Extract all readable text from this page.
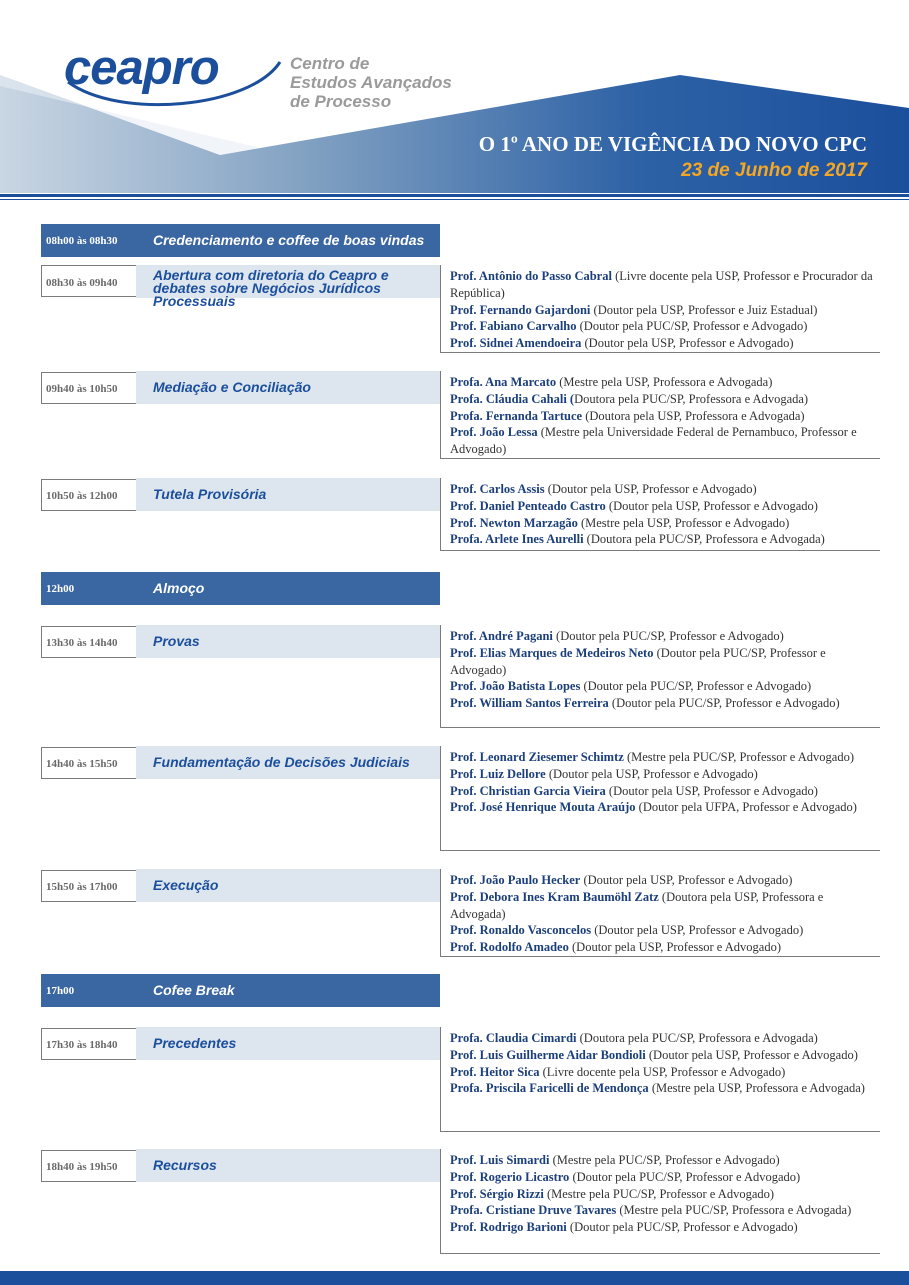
ceapro	Centro de
Estudos Avançados
de Processo
O 1º ANO DE VIGÊNCIA DO NOVO CPC
23 de Junho de 2017
08h00 às 08h30	Credenciamento e coffee de boas vindas
08h30 às 09h40	Abertura com diretoria do Ceapro e debates sobre Negócios Jurídicos Processuais
Prof. Antônio do Passo Cabral (Livre docente pela USP, Professor e Procurador da República)
Prof. Fernando Gajardoni (Doutor pela USP, Professor e Juiz Estadual)
Prof. Fabiano Carvalho (Doutor pela PUC/SP, Professor e Advogado)
Prof. Sidnei Amendoeira (Doutor pela USP, Professor e Advogado)
09h40 às 10h50	Mediação e Conciliação	Profa. Ana Marcato (Mestre pela USP, Professora e Advogada)
Profa. Cláudia Cahali (Doutora pela PUC/SP, Professora e Advogada)
Profa. Fernanda Tartuce (Doutora pela USP, Professora e Advogada)
Prof. João Lessa (Mestre pela Universidade Federal de Pernambuco, Professor e Advogado)
10h50 às 12h00	Tutela Provisória	Prof. Carlos Assis (Doutor pela USP, Professor e Advogado)
Prof. Daniel Penteado Castro (Doutor pela USP, Professor e Advogado)
Prof. Newton Marzagão (Mestre pela USP, Professor e Advogado)
Profa. Arlete Ines Aurelli (Doutora pela PUC/SP, Professora e Advogada)
12h00	Almoço
13h30 às 14h40	Provas	Prof. André Pagani (Doutor pela PUC/SP, Professor e Advogado)
Prof. Elias Marques de Medeiros Neto (Doutor pela PUC/SP, Professor e Advogado)
Prof. João Batista Lopes (Doutor pela PUC/SP, Professor e Advogado)
Prof. William Santos Ferreira (Doutor pela PUC/SP, Professor e Advogado)
14h40 às 15h50	Fundamentação de Decisões Judiciais	Prof. Leonard Ziesemer Schimtz (Mestre pela PUC/SP, Professor e Advogado)
Prof. Luiz Dellore (Doutor pela USP, Professor e Advogado)
Prof. Christian Garcia Vieira (Doutor pela USP, Professor e Advogado)
Prof. José Henrique Mouta Araújo (Doutor pela UFPA, Professor e Advogado)
15h50 às 17h00	Execução	Prof. João Paulo Hecker (Doutor pela USP, Professor e Advogado)
Prof. Debora Ines Kram Baumöhl Zatz (Doutora pela USP, Professora e Advogada)
Prof. Ronaldo Vasconcelos (Doutor pela USP, Professor e Advogado)
Prof. Rodolfo Amadeo (Doutor pela USP, Professor e Advogado)
17h00	Cofee Break
17h30 às 18h40	Precedentes	Profa. Claudia Cimardi (Doutora pela PUC/SP, Professora e Advogada)
Prof. Luis Guilherme Aidar Bondioli (Doutor pela USP, Professor e Advogado)
Prof. Heitor Sica (Livre docente pela USP, Professor e Advogado)
Profa. Priscila Faricelli de Mendonça (Mestre pela USP, Professora e Advogada)
18h40 às 19h50	Recursos	Prof. Luis Simardi (Mestre pela PUC/SP, Professor e Advogado)
Prof. Rogerio Licastro (Doutor pela PUC/SP, Professor e Advogado)
Prof. Sérgio Rizzi (Mestre pela PUC/SP, Professor e Advogado)
Profa. Cristiane Druve Tavares (Mestre pela PUC/SP, Professora e Advogada)
Prof. Rodrigo Barioni (Doutor pela PUC/SP, Professor e Advogado)
